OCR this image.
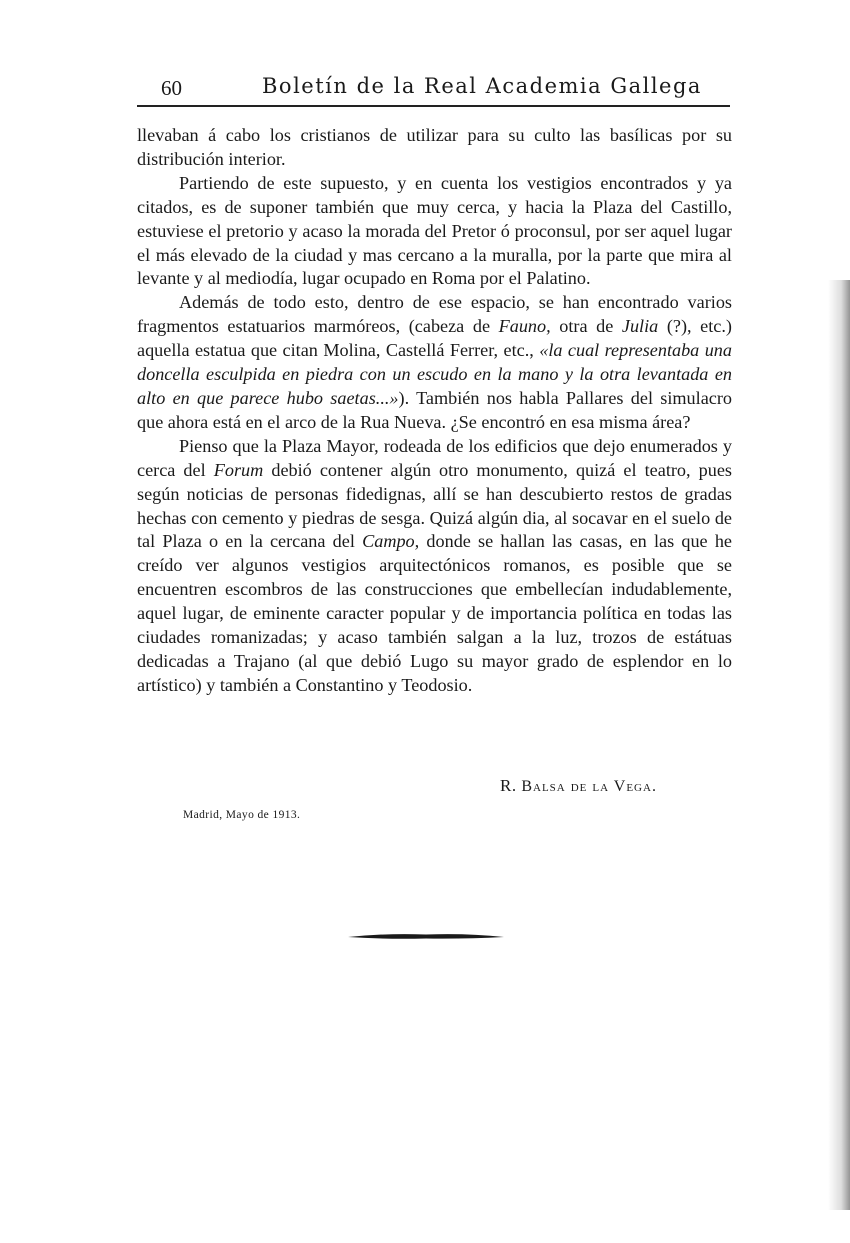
60	Boletín de la Real Academia Gallega

llevaban á cabo los cristianos de utilizar para su culto las basílicas por su distribución interior.

Partiendo de este supuesto, y en cuenta los vestigios encontrados y ya citados, es de suponer también que muy cerca, y hacia la Plaza del Castillo, estuviese el pretorio y acaso la morada del Pretor ó proconsul, por ser aquel lugar el más elevado de la ciudad y mas cercano a la muralla, por la parte que mira al levante y al mediodía, lugar ocupado en Roma por el Palatino.

Además de todo esto, dentro de ese espacio, se han encontrado varios fragmentos estatuarios marmóreos, (cabeza de Fauno, otra de Julia (?), etc.) aquella estatua que citan Molina, Castellá Ferrer, etc., «la cual representaba una doncella esculpida en piedra con un escudo en la mano y la otra levantada en alto en que parece hubo saetas...»). También nos habla Pallares del simulacro que ahora está en el arco de la Rua Nueva. ¿Se encontró en esa misma área?

Pienso que la Plaza Mayor, rodeada de los edificios que dejo enumerados y cerca del Forum debió contener algún otro monumento, quizá el teatro, pues según noticias de personas fidedignas, allí se han descubierto restos de gradas hechas con cemento y piedras de sesga. Quizá algún dia, al socavar en el suelo de tal Plaza o en la cercana del Campo, donde se hallan las casas, en las que he creído ver algunos vestigios arquitectónicos romanos, es posible que se encuentren escombros de las construcciones que embellecían indudablemente, aquel lugar, de eminente caracter popular y de importancia política en todas las ciudades romanizadas; y acaso también salgan a la luz, trozos de estátuas dedicadas a Trajano (al que debió Lugo su mayor grado de esplendor en lo artístico) y también a Constantino y Teodosio.

R. Balsa de la Vega.
Madrid, Mayo de 1913.
